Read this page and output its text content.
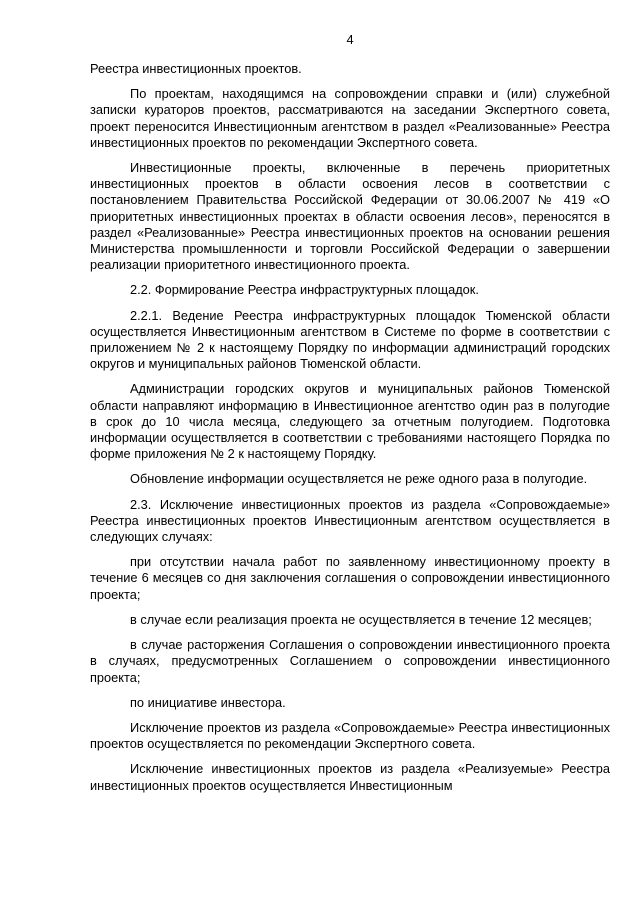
4

Реестра инвестиционных проектов.

По проектам, находящимся на сопровождении справки и (или) служебной записки кураторов проектов, рассматриваются на заседании Экспертного совета, проект переносится Инвестиционным агентством в раздел «Реализованные» Реестра инвестиционных проектов по рекомендации Экспертного совета.

Инвестиционные проекты, включенные в перечень приоритетных инвестиционных проектов в области освоения лесов в соответствии с постановлением Правительства Российской Федерации от 30.06.2007 № 419 «О приоритетных инвестиционных проектах в области освоения лесов», переносятся в раздел «Реализованные» Реестра инвестиционных проектов на основании решения Министерства промышленности и торговли Российской Федерации о завершении реализации приоритетного инвестиционного проекта.

2.2. Формирование Реестра инфраструктурных площадок.

2.2.1. Ведение Реестра инфраструктурных площадок Тюменской области осуществляется Инвестиционным агентством в Системе по форме в соответствии с приложением № 2 к настоящему Порядку по информации администраций городских округов и муниципальных районов Тюменской области.

Администрации городских округов и муниципальных районов Тюменской области направляют информацию в Инвестиционное агентство один раз в полугодие в срок до 10 числа месяца, следующего за отчетным полугодием. Подготовка информации осуществляется в соответствии с требованиями настоящего Порядка по форме приложения № 2 к настоящему Порядку.

Обновление информации осуществляется не реже одного раза в полугодие.

2.3. Исключение инвестиционных проектов из раздела «Сопровождаемые» Реестра инвестиционных проектов Инвестиционным агентством осуществляется в следующих случаях:

при отсутствии начала работ по заявленному инвестиционному проекту в течение 6 месяцев со дня заключения соглашения о сопровождении инвестиционного проекта;

в случае если реализация проекта не осуществляется в течение 12 месяцев;

в случае расторжения Соглашения о сопровождении инвестиционного проекта в случаях, предусмотренных Соглашением о сопровождении инвестиционного проекта;

по инициативе инвестора.

Исключение проектов из раздела «Сопровождаемые» Реестра инвестиционных проектов осуществляется по рекомендации Экспертного совета.

Исключение инвестиционных проектов из раздела «Реализуемые» Реестра инвестиционных проектов осуществляется Инвестиционным
